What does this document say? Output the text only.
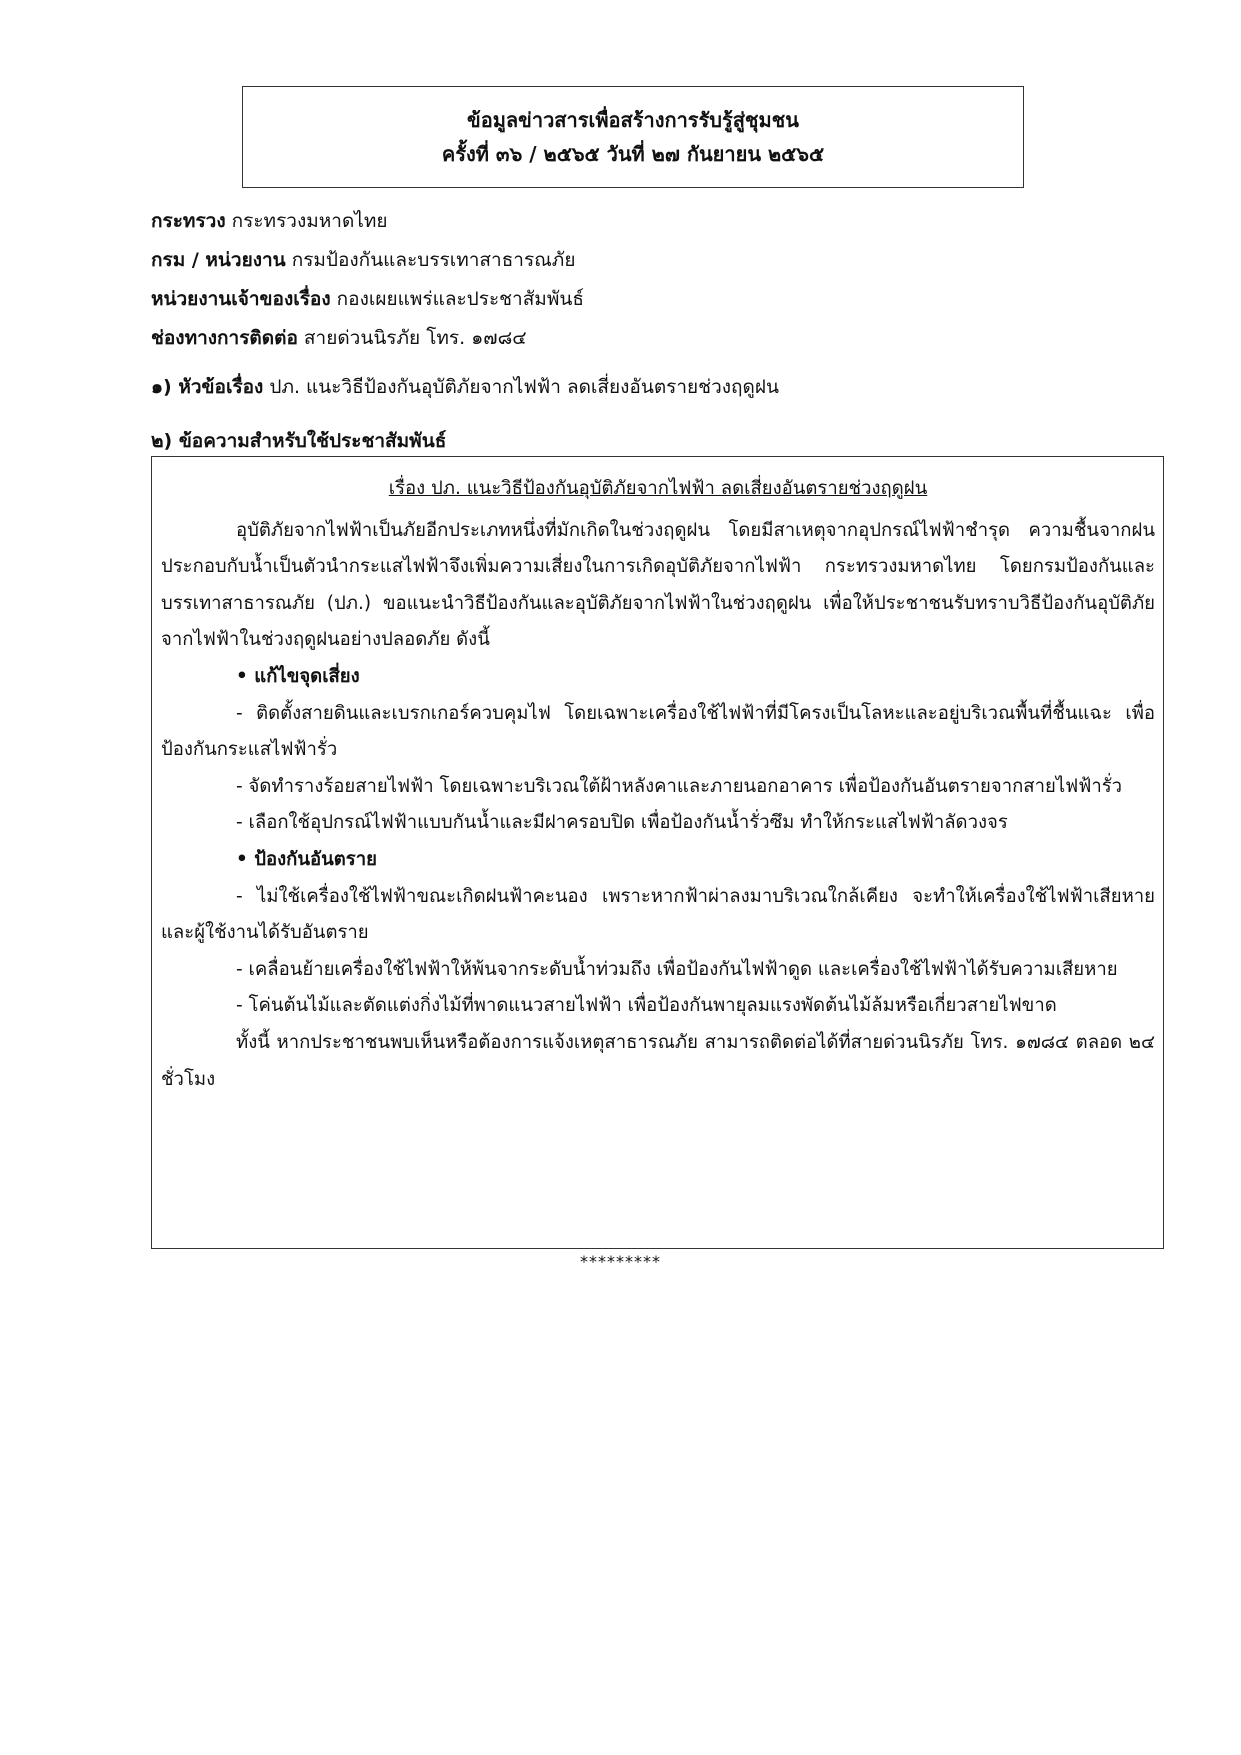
ข้อมูลข่าวสารเพื่อสร้างการรับรู้สู่ชุมชน
ครั้งที่ ๓๖ / ๒๕๖๕ วันที่ ๒๗ กันยายน ๒๕๖๕
กระทรวง กระทรวงมหาดไทย
กรม / หน่วยงาน กรมป้องกันและบรรเทาสาธารณภัย
หน่วยงานเจ้าของเรื่อง กองเผยแพร่และประชาสัมพันธ์
ช่องทางการติดต่อ สายด่วนนิรภัย โทร. ๑๗๘๔
๑) หัวข้อเรื่อง ปภ. แนะวิธีป้องกันอุบัติภัยจากไฟฟ้า ลดเสี่ยงอันตรายช่วงฤดูฝน
๒) ข้อความสำหรับใช้ประชาสัมพันธ์
เรื่อง ปภ. แนะวิธีป้องกันอุบัติภัยจากไฟฟ้า ลดเสี่ยงอันตรายช่วงฤดูฝน

อุบัติภัยจากไฟฟ้าเป็นภัยอีกประเภทหนึ่งที่มักเกิดในช่วงฤดูฝน โดยมีสาเหตุจากอุปกรณ์ไฟฟ้าชำรุด ความชื้นจากฝน ประกอบกับน้ำเป็นตัวนำกระแสไฟฟ้าจึงเพิ่มความเสี่ยงในการเกิดอุบัติภัยจากไฟฟ้า กระทรวงมหาดไทย โดยกรมป้องกันและบรรเทาสาธารณภัย (ปภ.) ขอแนะนำวิธีป้องกันและอุบัติภัยจากไฟฟ้าในช่วงฤดูฝน เพื่อให้ประชาชนรับทราบวิธีป้องกันอุบัติภัยจากไฟฟ้าในช่วงฤดูฝนอย่างปลอดภัย ดังนี้

• แก้ไขจุดเสี่ยง

- ติดตั้งสายดินและเบรกเกอร์ควบคุมไฟ โดยเฉพาะเครื่องใช้ไฟฟ้าที่มีโครงเป็นโลหะและอยู่บริเวณพื้นที่ชื้นแฉะ เพื่อป้องกันกระแสไฟฟ้ารั่ว

- จัดทำรางร้อยสายไฟฟ้า โดยเฉพาะบริเวณใต้ฝ้าหลังคาและภายนอกอาคาร เพื่อป้องกันอันตรายจากสายไฟฟ้ารั่ว

- เลือกใช้อุปกรณ์ไฟฟ้าแบบกันน้ำและมีฝาครอบปิด เพื่อป้องกันน้ำรั่วซึม ทำให้กระแสไฟฟ้าลัดวงจร

• ป้องกันอันตราย

- ไม่ใช้เครื่องใช้ไฟฟ้าขณะเกิดฝนฟ้าคะนอง เพราะหากฟ้าผ่าลงมาบริเวณใกล้เคียง จะทำให้เครื่องใช้ไฟฟ้าเสียหาย และผู้ใช้งานได้รับอันตราย

- เคลื่อนย้ายเครื่องใช้ไฟฟ้าให้พ้นจากระดับน้ำท่วมถึง เพื่อป้องกันไฟฟ้าดูด และเครื่องใช้ไฟฟ้าได้รับความเสียหาย

- โค่นต้นไม้และตัดแต่งกิ่งไม้ที่พาดแนวสายไฟฟ้า เพื่อป้องกันพายุลมแรงพัดต้นไม้ล้มหรือเกี่ยวสายไฟขาด

ทั้งนี้ หากประชาชนพบเห็นหรือต้องการแจ้งเหตุสาธารณภัย สามารถติดต่อได้ที่สายด่วนนิรภัย โทร. ๑๗๘๔ ตลอด ๒๔ ชั่วโมง

*********
